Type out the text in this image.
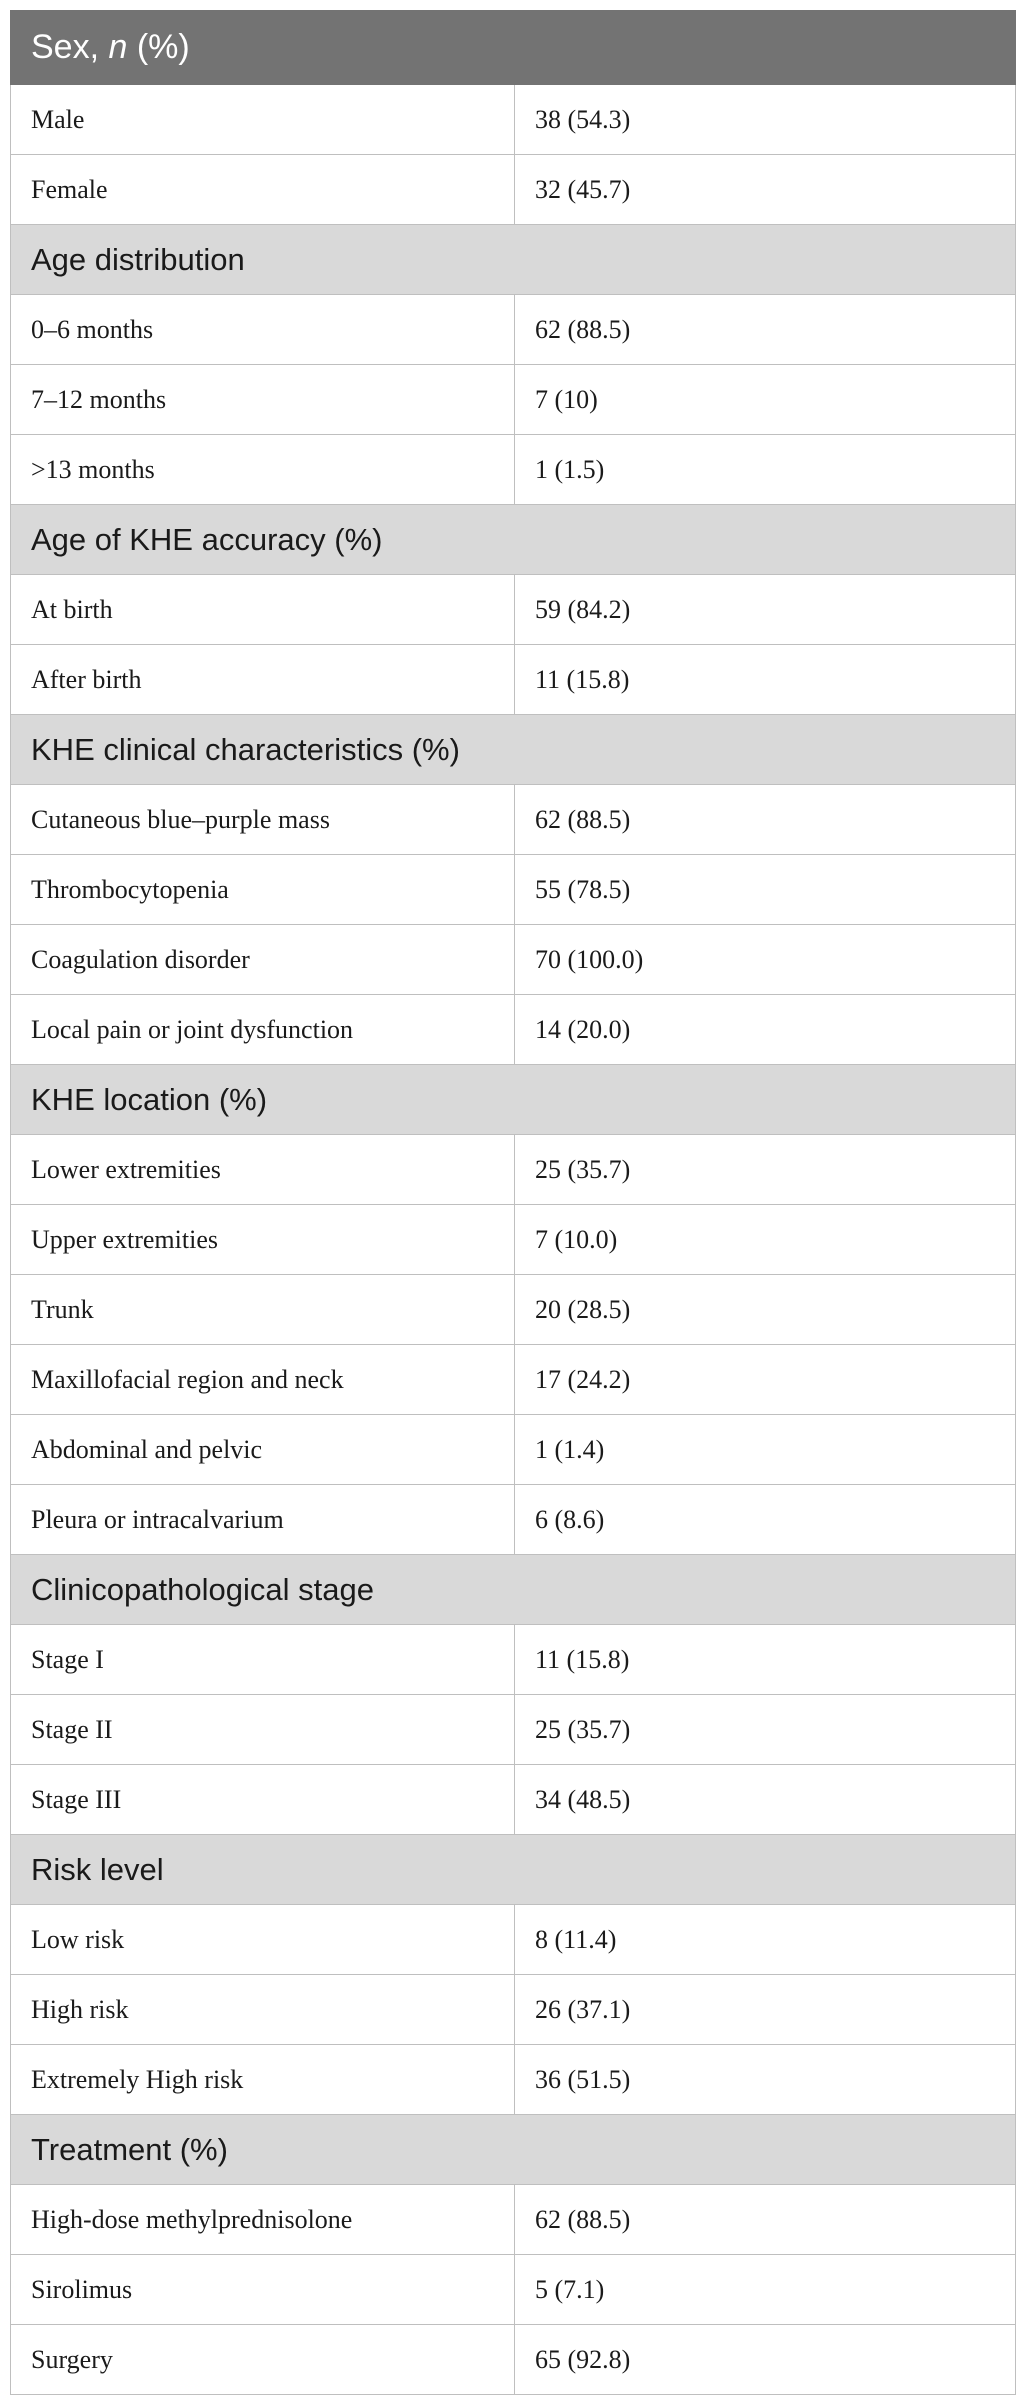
Sex, n (%)	
Male	38 (54.3)
Female	32 (45.7)
Age distribution	
0–6 months	62 (88.5)
7–12 months	7 (10)
>13 months	1 (1.5)
Age of KHE accuracy (%)	
At birth	59 (84.2)
After birth	11 (15.8)
KHE clinical characteristics (%)	
Cutaneous blue–purple mass	62 (88.5)
Thrombocytopenia	55 (78.5)
Coagulation disorder	70 (100.0)
Local pain or joint dysfunction	14 (20.0)
KHE location (%)	
Lower extremities	25 (35.7)
Upper extremities	7 (10.0)
Trunk	20 (28.5)
Maxillofacial region and neck	17 (24.2)
Abdominal and pelvic	1 (1.4)
Pleura or intracalvarium	6 (8.6)
Clinicopathological stage	
Stage I	11 (15.8)
Stage II	25 (35.7)
Stage III	34 (48.5)
Risk level	
Low risk	8 (11.4)
High risk	26 (37.1)
Extremely High risk	36 (51.5)
Treatment (%)	
High-dose methylprednisolone	62 (88.5)
Sirolimus	5 (7.1)
Surgery	65 (92.8)
